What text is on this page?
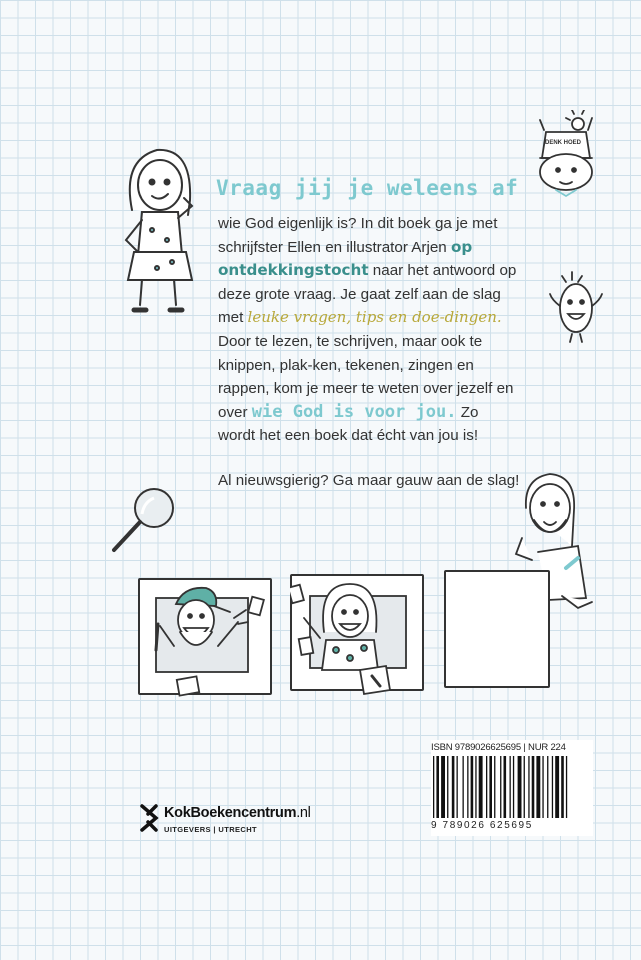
Vraag jij je weleens af
wie God eigenlijk is? In dit boek ga je met schrijfster Ellen en illustrator Arjen op ontdekkingstocht naar het antwoord op deze grote vraag. Je gaat zelf aan de slag met leuke vragen, tips en doe-dingen. Door te lezen, te schrijven, maar ook te knippen, plak-ken, tekenen, zingen en rappen, kom je meer te weten over jezelf en over wie God is voor jou. Zo wordt het een boek dat écht van jou is!
Al nieuwsgierig? Ga maar gauw aan de slag!
DENK HOED
ISBN 9789026625695 | NUR 224
9 789026 625695
KokBoekencentrum.nl
UITGEVERS | UTRECHT
